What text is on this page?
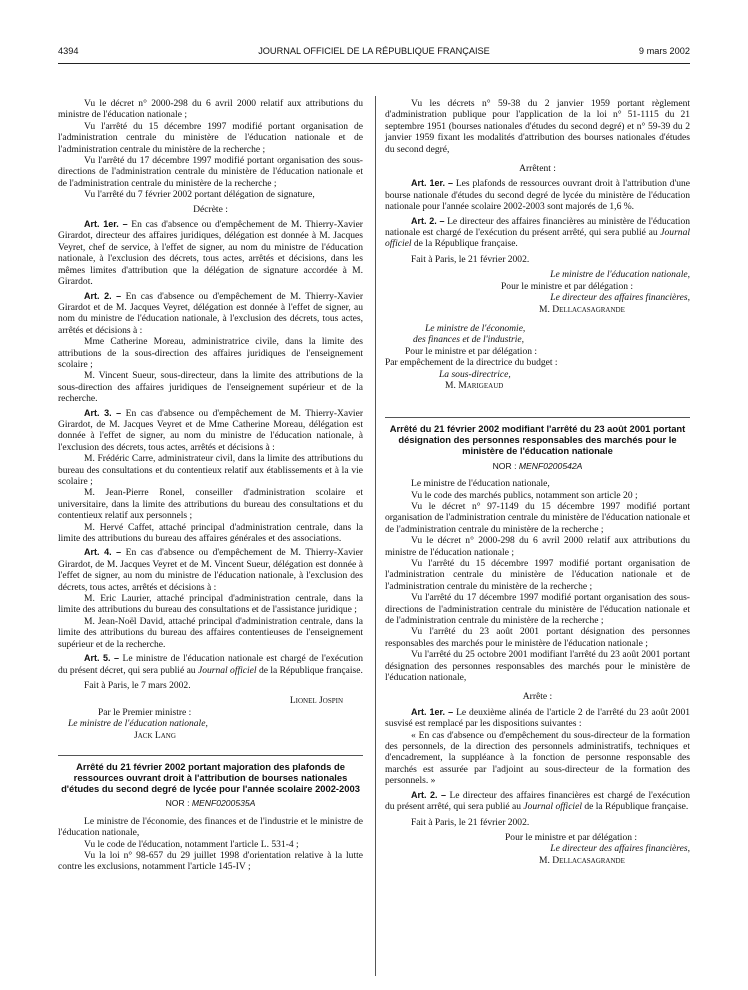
4394	JOURNAL OFFICIEL DE LA RÉPUBLIQUE FRANÇAISE	9 mars 2002

Vu le décret n° 2000-298 du 6 avril 2000 relatif aux attributions du ministre de l'éducation nationale ;

Vu l'arrêté du 15 décembre 1997 modifié portant organisation de l'administration centrale du ministère de l'éducation nationale et de l'administration centrale du ministère de la recherche ;

Vu l'arrêté du 17 décembre 1997 modifié portant organisation des sous-directions de l'administration centrale du ministère de l'éducation nationale et de l'administration centrale du ministère de la recherche ;

Vu l'arrêté du 7 février 2002 portant délégation de signature,

Décrète :

Art. 1er. – En cas d'absence ou d'empêchement de M. Thierry-Xavier Girardot, directeur des affaires juridiques, délégation est donnée à M. Jacques Veyret, chef de service, à l'effet de signer, au nom du ministre de l'éducation nationale, à l'exclusion des décrets, tous actes, arrêtés et décisions, dans les mêmes limites d'attribution que la délégation de signature accordée à M. Girardot.

Art. 2. – En cas d'absence ou d'empêchement de M. Thierry-Xavier Girardot et de M. Jacques Veyret, délégation est donnée à l'effet de signer, au nom du ministre de l'éducation nationale, à l'exclusion des décrets, tous actes, arrêtés et décisions à :

Mme Catherine Moreau, administratrice civile, dans la limite des attributions de la sous-direction des affaires juridiques de l'enseignement scolaire ;

M. Vincent Sueur, sous-directeur, dans la limite des attributions de la sous-direction des affaires juridiques de l'enseignement supérieur et de la recherche.

Art. 3. – En cas d'absence ou d'empêchement de M. Thierry-Xavier Girardot, de M. Jacques Veyret et de Mme Catherine Moreau, délégation est donnée à l'effet de signer, au nom du ministre de l'éducation nationale, à l'exclusion des décrets, tous actes, arrêtés et décisions à :

M. Frédéric Carre, administrateur civil, dans la limite des attributions du bureau des consultations et du contentieux relatif aux établissements et à la vie scolaire ;

M. Jean-Pierre Ronel, conseiller d'administration scolaire et universitaire, dans la limite des attributions du bureau des consultations et du contentieux relatif aux personnels ;

M. Hervé Caffet, attaché principal d'administration centrale, dans la limite des attributions du bureau des affaires générales et des associations.

Art. 4. – En cas d'absence ou d'empêchement de M. Thierry-Xavier Girardot, de M. Jacques Veyret et de M. Vincent Sueur, délégation est donnée à l'effet de signer, au nom du ministre de l'éducation nationale, à l'exclusion des décrets, tous actes, arrêtés et décisions à :

M. Eric Laurier, attaché principal d'administration centrale, dans la limite des attributions du bureau des consultations et de l'assistance juridique ;

M. Jean-Noël David, attaché principal d'administration centrale, dans la limite des attributions du bureau des affaires contentieuses de l'enseignement supérieur et de la recherche.

Art. 5. – Le ministre de l'éducation nationale est chargé de l'exécution du présent décret, qui sera publié au Journal officiel de la République française.

Fait à Paris, le 7 mars 2002.

Lionel Jospin

Par le Premier ministre :

Le ministre de l'éducation nationale,

Jack Lang

Arrêté du 21 février 2002 portant majoration des plafonds de ressources ouvrant droit à l'attribution de bourses nationales d'études du second degré de lycée pour l'année scolaire 2002-2003
NOR : MENF0200535A

Le ministre de l'économie, des finances et de l'industrie et le ministre de l'éducation nationale,

Vu le code de l'éducation, notamment l'article L. 531-4 ;

Vu la loi n° 98-657 du 29 juillet 1998 d'orientation relative à la lutte contre les exclusions, notamment l'article 145-IV ;

Vu les décrets n° 59-38 du 2 janvier 1959 portant règlement d'administration publique pour l'application de la loi n° 51-1115 du 21 septembre 1951 (bourses nationales d'études du second degré) et n° 59-39 du 2 janvier 1959 fixant les modalités d'attribution des bourses nationales d'études du second degré,

Arrêtent :

Art. 1er. – Les plafonds de ressources ouvrant droit à l'attribution d'une bourse nationale d'études du second degré de lycée du ministère de l'éducation nationale pour l'année scolaire 2002-2003 sont majorés de 1,6 %.

Art. 2. – Le directeur des affaires financières au ministère de l'éducation nationale est chargé de l'exécution du présent arrêté, qui sera publié au Journal officiel de la République française.

Fait à Paris, le 21 février 2002.

Le ministre de l'éducation nationale,

Pour le ministre et par délégation :

Le directeur des affaires financières,

M. Dellacasagrande

Le ministre de l'économie,

des finances et de l'industrie,

Pour le ministre et par délégation :

Par empêchement de la directrice du budget :

La sous-directrice,

M. Marigeaud

Arrêté du 21 février 2002 modifiant l'arrêté du 23 août 2001 portant désignation des personnes responsables des marchés pour le ministère de l'éducation nationale
NOR : MENF0200542A

Le ministre de l'éducation nationale,

Vu le code des marchés publics, notamment son article 20 ;

Vu le décret n° 97-1149 du 15 décembre 1997 modifié portant organisation de l'administration centrale du ministère de l'éducation nationale et de l'administration centrale du ministère de la recherche ;

Vu le décret n° 2000-298 du 6 avril 2000 relatif aux attributions du ministre de l'éducation nationale ;

Vu l'arrêté du 15 décembre 1997 modifié portant organisation de l'administration centrale du ministère de l'éducation nationale et de l'administration centrale du ministère de la recherche ;

Vu l'arrêté du 17 décembre 1997 modifié portant organisation des sous-directions de l'administration centrale du ministère de l'éducation nationale et de l'administration centrale du ministère de la recherche ;

Vu l'arrêté du 23 août 2001 portant désignation des personnes responsables des marchés pour le ministère de l'éducation nationale ;

Vu l'arrêté du 25 octobre 2001 modifiant l'arrêté du 23 août 2001 portant désignation des personnes responsables des marchés pour le ministère de l'éducation nationale,

Arrête :

Art. 1er. – Le deuxième alinéa de l'article 2 de l'arrêté du 23 août 2001 susvisé est remplacé par les dispositions suivantes :

« En cas d'absence ou d'empêchement du sous-directeur de la formation des personnels, de la direction des personnels administratifs, techniques et d'encadrement, la suppléance à la fonction de personne responsable des marchés est assurée par l'adjoint au sous-directeur de la formation des personnels. »

Art. 2. – Le directeur des affaires financières est chargé de l'exécution du présent arrêté, qui sera publié au Journal officiel de la République française.

Fait à Paris, le 21 février 2002.

Pour le ministre et par délégation :

Le directeur des affaires financières,

M. Dellacasagrande
